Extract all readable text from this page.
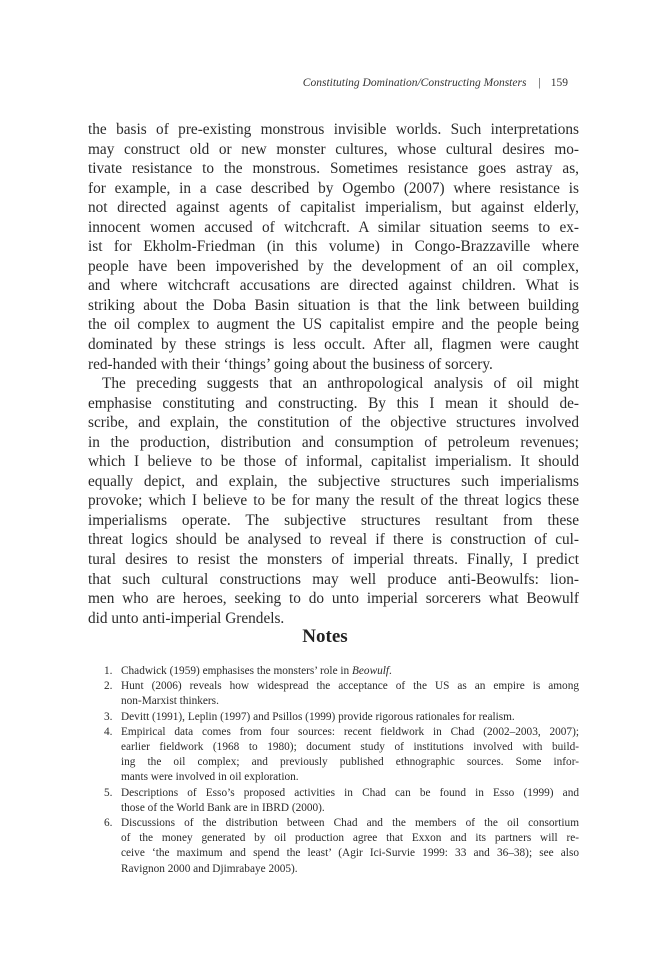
Constituting Domination/Constructing Monsters | 159
the basis of pre-existing monstrous invisible worlds. Such interpretations
may construct old or new monster cultures, whose cultural desires mo-
tivate resistance to the monstrous. Sometimes resistance goes astray as,
for example, in a case described by Ogembo (2007) where resistance is
not directed against agents of capitalist imperialism, but against elderly,
innocent women accused of witchcraft. A similar situation seems to ex-
ist for Ekholm-Friedman (in this volume) in Congo-Brazzaville where
people have been impoverished by the development of an oil complex,
and where witchcraft accusations are directed against children. What is
striking about the Doba Basin situation is that the link between building
the oil complex to augment the US capitalist empire and the people being
dominated by these strings is less occult. After all, flagmen were caught
red-handed with their ‘things’ going about the business of sorcery.
The preceding suggests that an anthropological analysis of oil might
emphasise constituting and constructing. By this I mean it should de-
scribe, and explain, the constitution of the objective structures involved
in the production, distribution and consumption of petroleum revenues;
which I believe to be those of informal, capitalist imperialism. It should
equally depict, and explain, the subjective structures such imperialisms
provoke; which I believe to be for many the result of the threat logics these
imperialisms operate. The subjective structures resultant from these
threat logics should be analysed to reveal if there is construction of cul-
tural desires to resist the monsters of imperial threats. Finally, I predict
that such cultural constructions may well produce anti-Beowulfs: lion-
men who are heroes, seeking to do unto imperial sorcerers what Beowulf
did unto anti-imperial Grendels.
Notes
1. Chadwick (1959) emphasises the monsters’ role in Beowulf.
2. Hunt (2006) reveals how widespread the acceptance of the US as an empire is among
non-Marxist thinkers.
3. Devitt (1991), Leplin (1997) and Psillos (1999) provide rigorous rationales for realism.
4. Empirical data comes from four sources: recent fieldwork in Chad (2002–2003, 2007);
earlier fieldwork (1968 to 1980); document study of institutions involved with build-
ing the oil complex; and previously published ethnographic sources. Some infor-
mants were involved in oil exploration.
5. Descriptions of Esso’s proposed activities in Chad can be found in Esso (1999) and
those of the World Bank are in IBRD (2000).
6. Discussions of the distribution between Chad and the members of the oil consortium
of the money generated by oil production agree that Exxon and its partners will re-
ceive ‘the maximum and spend the least’ (Agir Ici-Survie 1999: 33 and 36–38); see also
Ravignon 2000 and Djimrabaye 2005).
